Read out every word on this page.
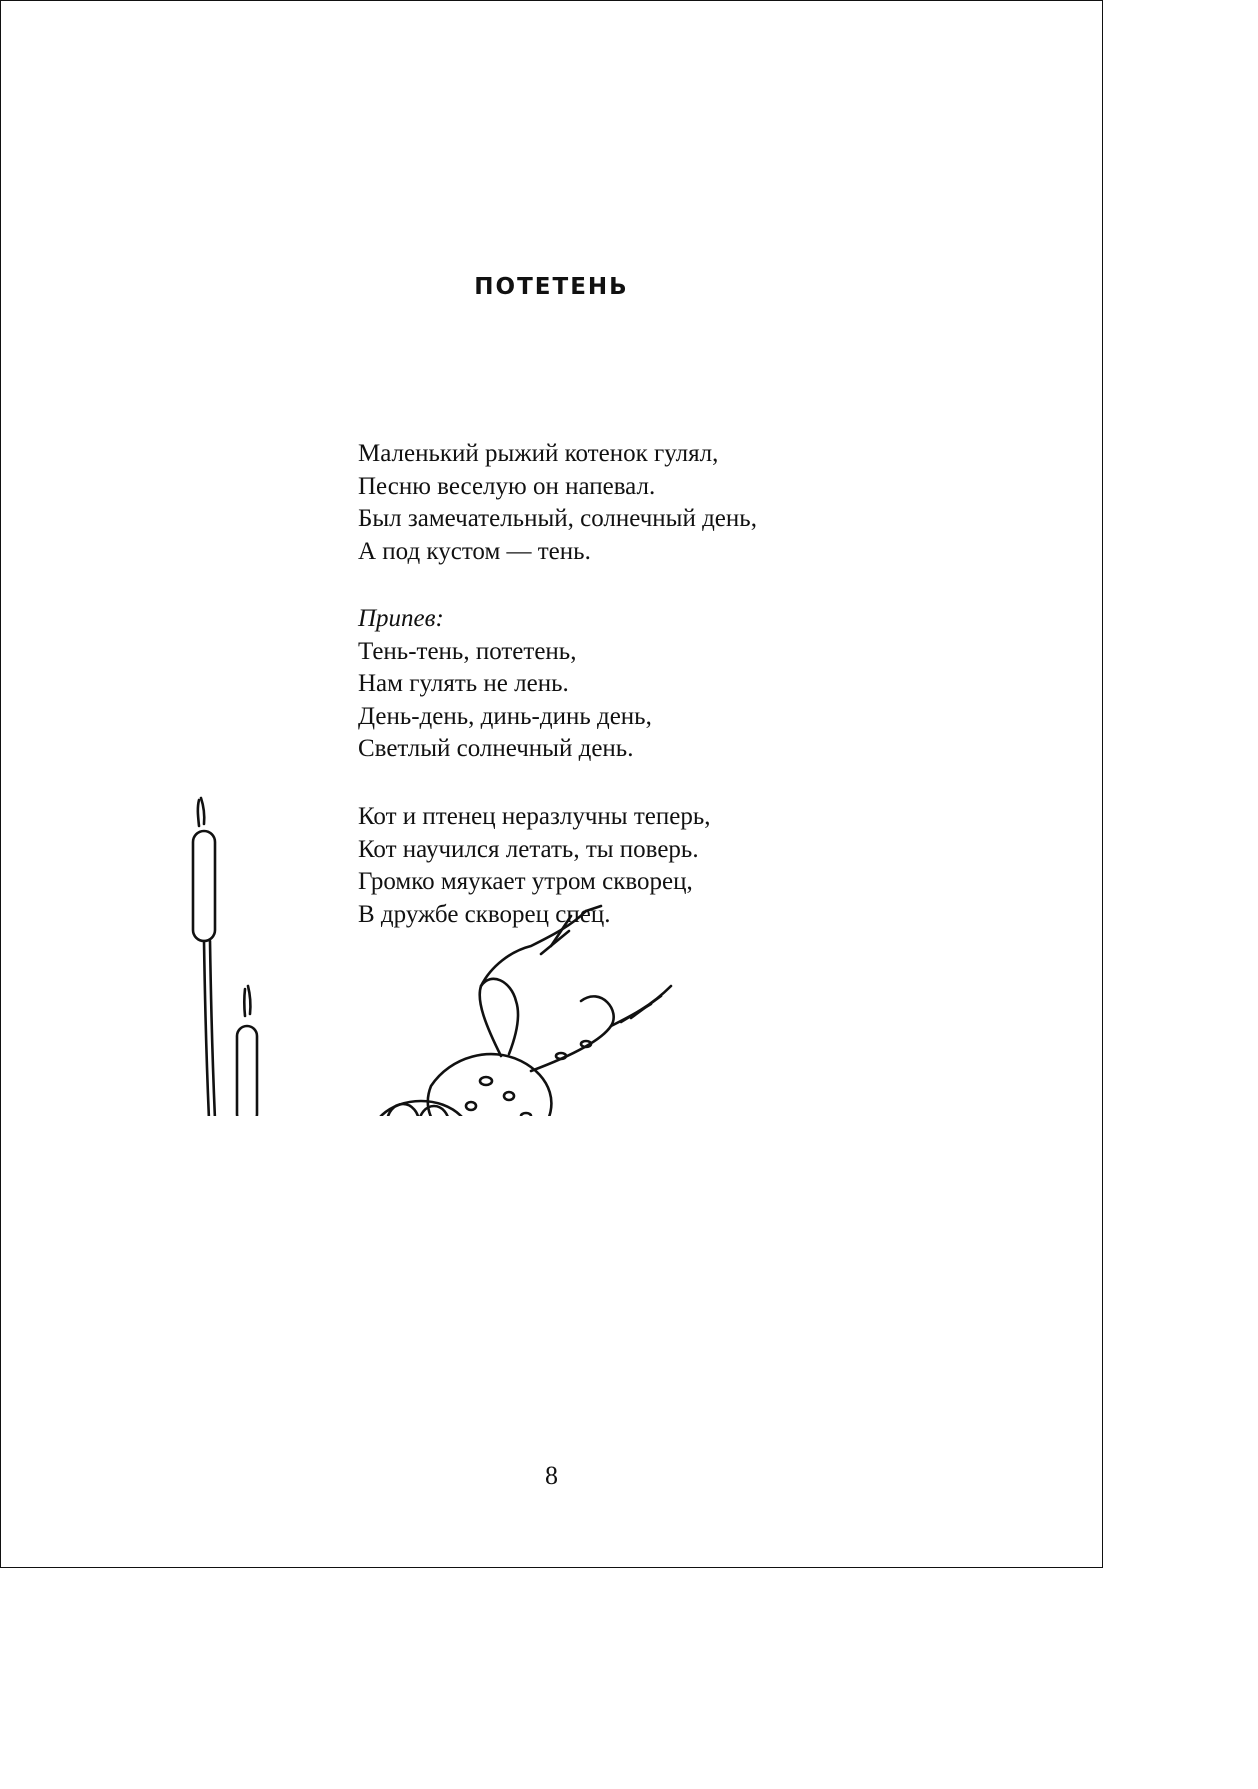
ПОТЕТЕНЬ
Маленький рыжий котенок гулял,
Песню веселую он напевал.
Был замечательный, солнечный день,
А под кустом — тень.
Припев:
Тень-тень, потетень,
Нам гулять не лень.
День-день, динь-динь день,
Светлый солнечный день.
Кот и птенец неразлучны теперь,
Кот научился летать, ты поверь.
Громко мяукает утром скворец,
В дружбе скворец спец.
8
